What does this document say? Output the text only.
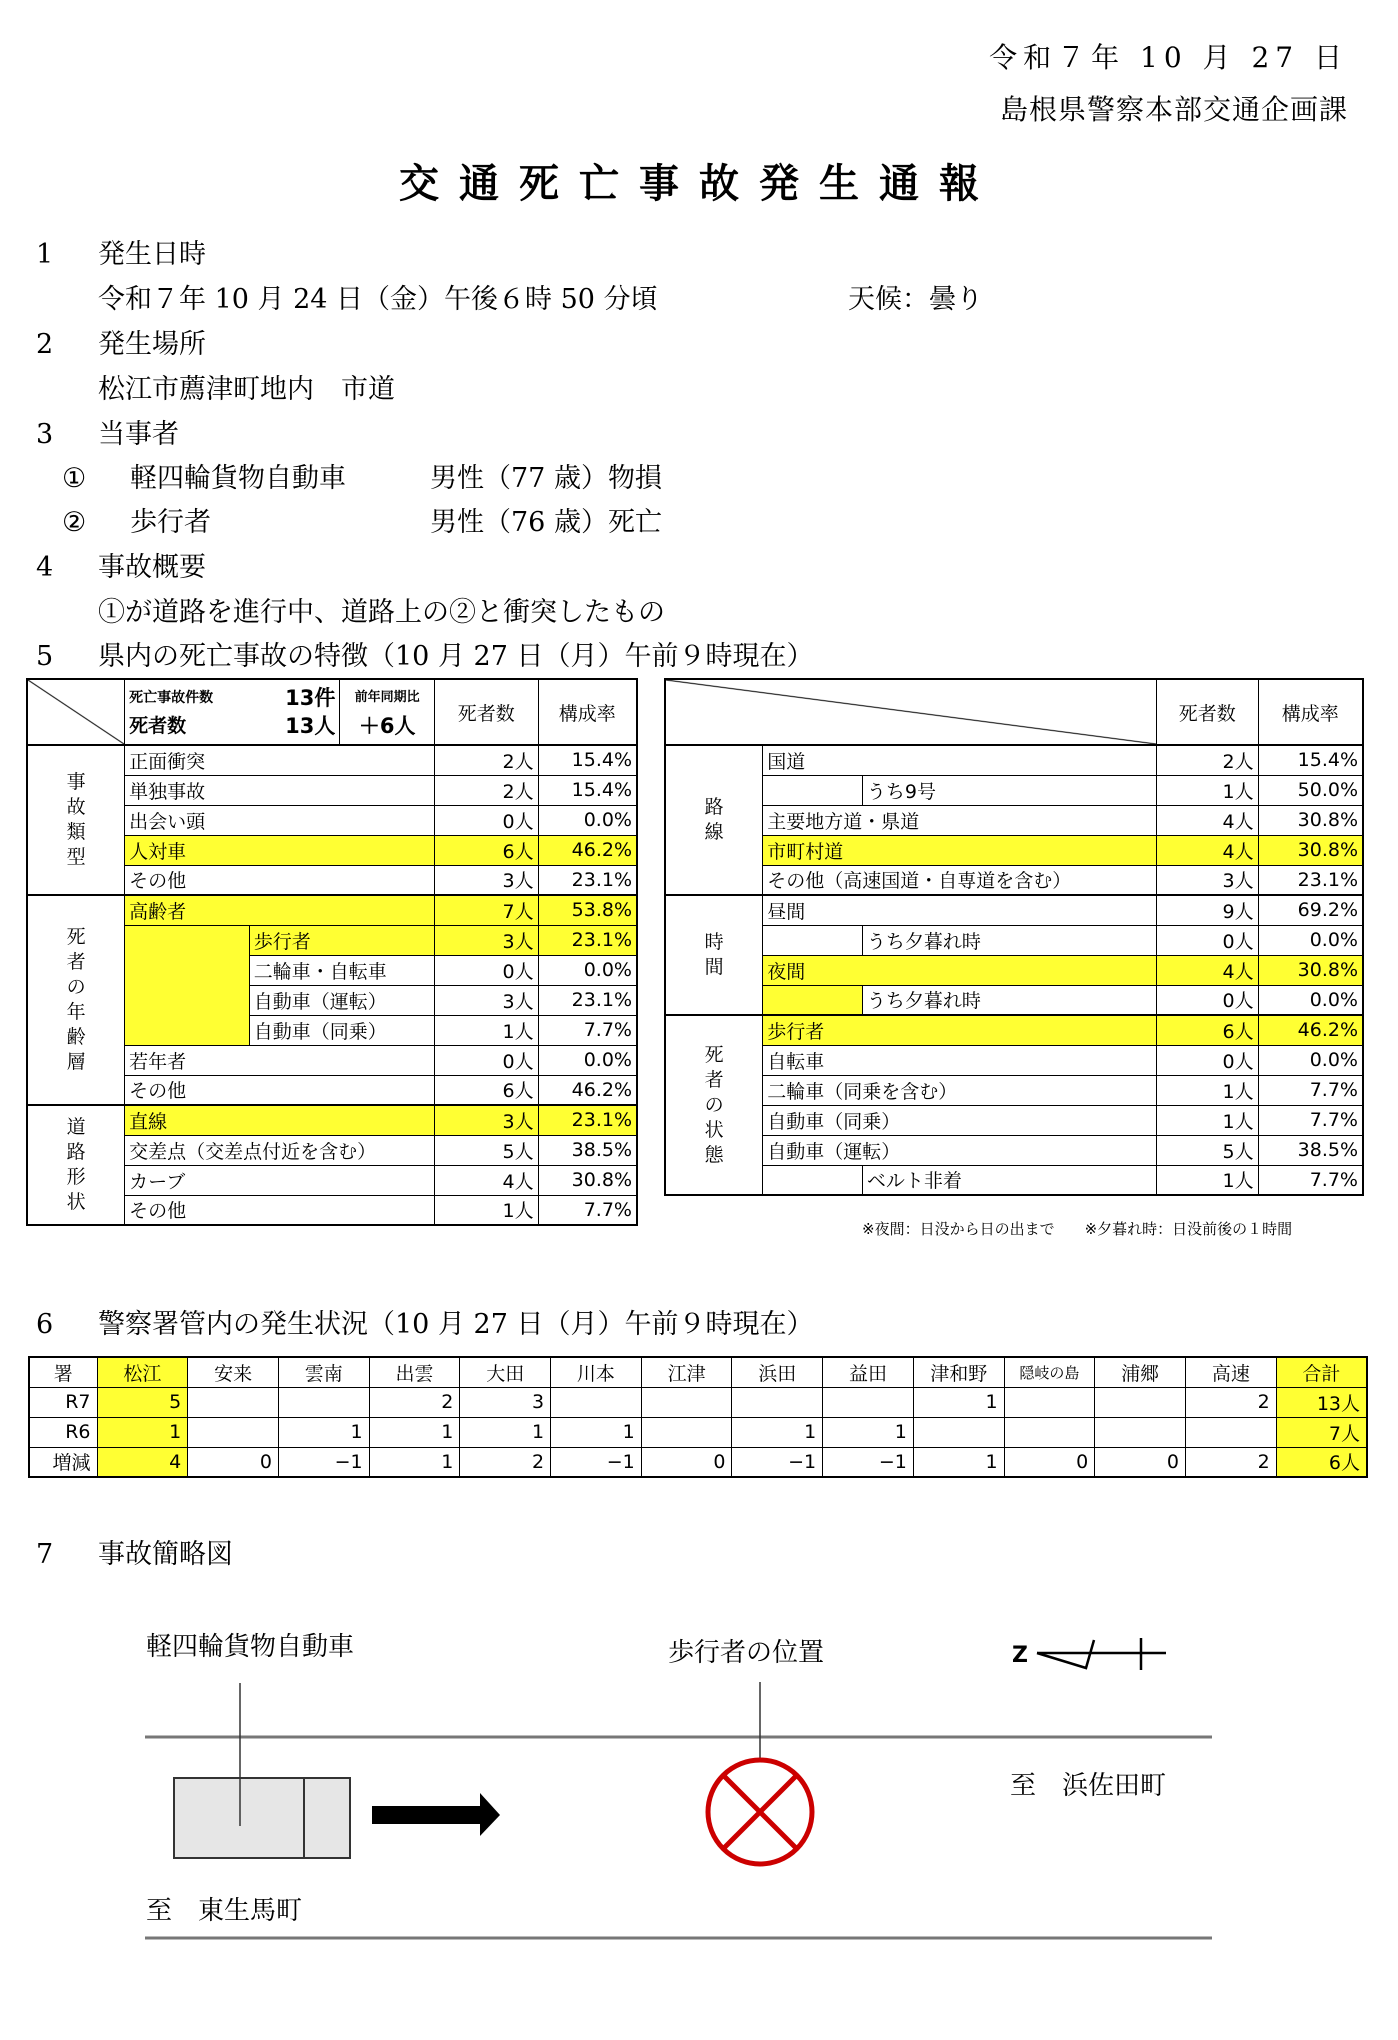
令和７年 10 月 27 日
島根県警察本部交通企画課
交通死亡事故発生通報
1 発生日時
令和７年 10 月 24 日（金）午後６時 50 分頃	天候：曇り
2 発生場所
松江市薦津町地内　市道
3 当事者
① 軽四輪貨物自動車	男性（77 歳）物損
② 歩行者	男性（76 歳）死亡
4 事故概要
①が道路を進行中、道路上の②と衝突したもの
5 県内の死亡事故の特徴（10 月 27 日（月）午前９時現在）

死亡事故件数	13件
死者数	13人

前年同期比
＋6人
	死者数	構成率

事故類型	正面衝突			2人	15.4%
	単独事故			2人	15.4%
	出会い頭			0人	0.0%
	人対車			6人	46.2%
	その他			3人	23.1%

死者の年齢層	高齢者			7人	53.8%
		歩行者		3人	23.1%
		二輪車・自転車		0人	0.0%
		自動車（運転）		3人	23.1%
		自動車（同乗）		1人	7.7%
	若年者			0人	0.0%
	その他			6人	46.2%

道路形状	直線			3人	23.1%
	交差点（交差点付近を含む）			5人	38.5%
	カーブ			4人	30.8%
	その他			1人	7.7%
			死者数	構成率

路線	国道		2人	15.4%
		うち9号	1人	50.0%
	主要地方道・県道		4人	30.8%
	市町村道		4人	30.8%
	その他（高速国道・自専道を含む）		3人	23.1%

時間	昼間		9人	69.2%
		うち夕暮れ時	0人	0.0%
	夜間		4人	30.8%
		うち夕暮れ時	0人	0.0%

死者の状態	歩行者		6人	46.2%
	自転車		0人	0.0%
	二輪車（同乗を含む）		1人	7.7%
	自動車（同乗）		1人	7.7%
	自動車（運転）		5人	38.5%
		ベルト非着	1人	7.7%
※夜間：日没から日の出まで　　※夕暮れ時：日没前後の１時間
6 警察署管内の発生状況（10 月 27 日（月）午前９時現在）
署	松江	安来	雲南	出雲	大田	川本	江津	浜田	益田	津和野	隠岐の島	浦郷	高速	合計
R7	5			2	3					1			2	13人
R6	1		1	1	1	1		1	1					7人
増減	4	0	−1	1	2	−1	0	−1	−1	1	0	0	2	6人
7 事故簡略図
軽四輪貨物自動車	歩行者の位置
至　浜佐田町
至　東生馬町
Z
